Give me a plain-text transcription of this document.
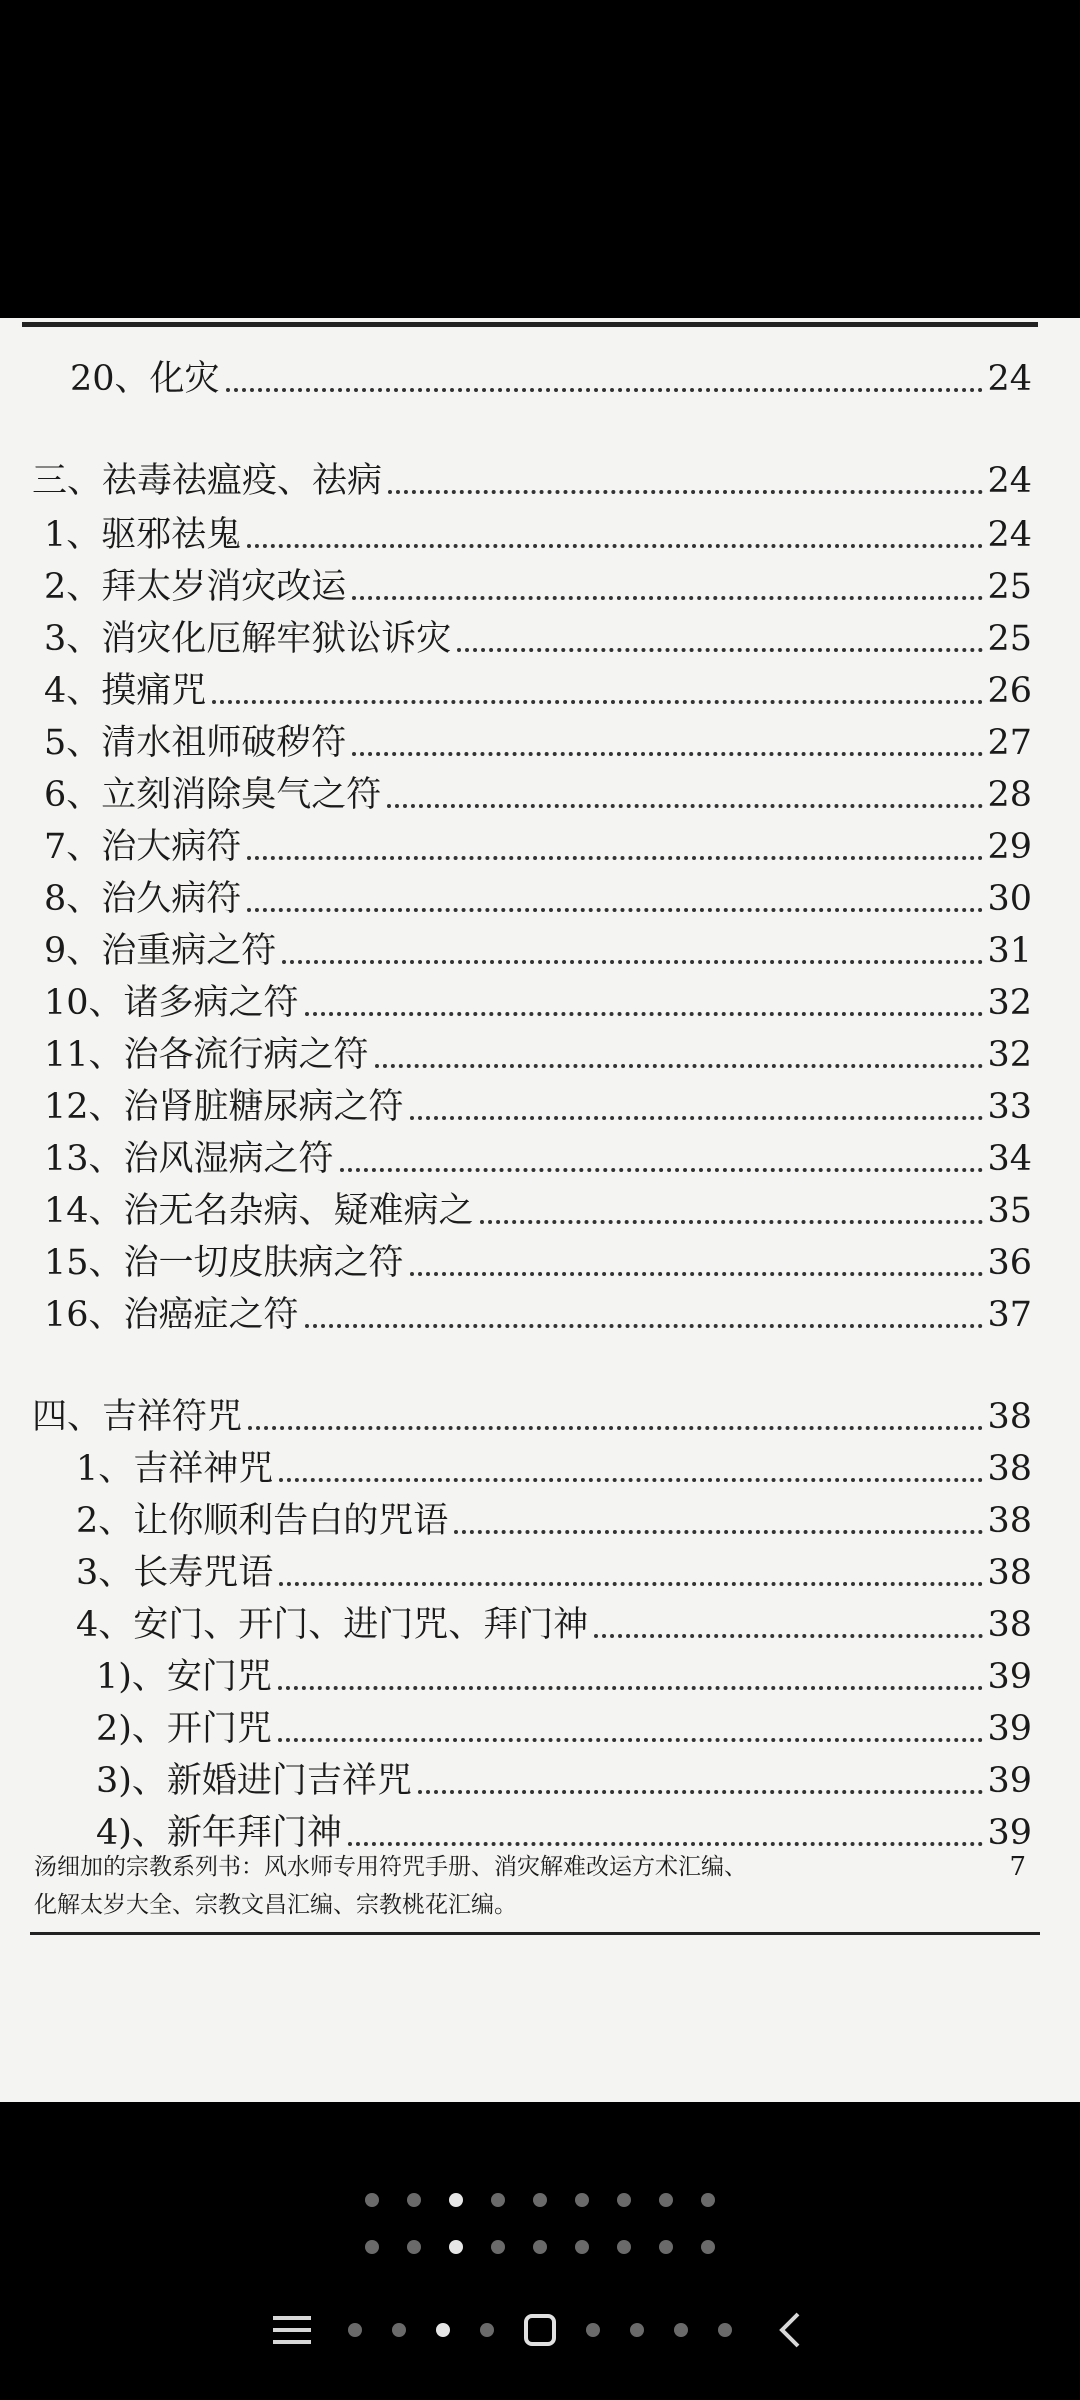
20、化灾	24
三、祛毒祛瘟疫、祛病	24
1、驱邪祛鬼	24
2、拜太岁消灾改运	25
3、消灾化厄解牢狱讼诉灾	25
4、摸痛咒	26
5、清水祖师破秽符	27
6、立刻消除臭气之符	28
7、治大病符	29
8、治久病符	30
9、治重病之符	31
10、诸多病之符	32
11、治各流行病之符	32
12、治肾脏糖尿病之符	33
13、治风湿病之符	34
14、治无名杂病、疑难病之	35
15、治一切皮肤病之符	36
16、治癌症之符	37
四、吉祥符咒	38
1、吉祥神咒	38
2、让你顺利告白的咒语	38
3、长寿咒语	38
4、安门、开门、进门咒、拜门神	38
1)、安门咒	39
2)、开门咒	39
3)、新婚进门吉祥咒	39
4)、新年拜门神	39
汤细加的宗教系列书：风水师专用符咒手册、消灾解难改运方术汇编、
化解太岁大全、宗教文昌汇编、宗教桃花汇编。
7
